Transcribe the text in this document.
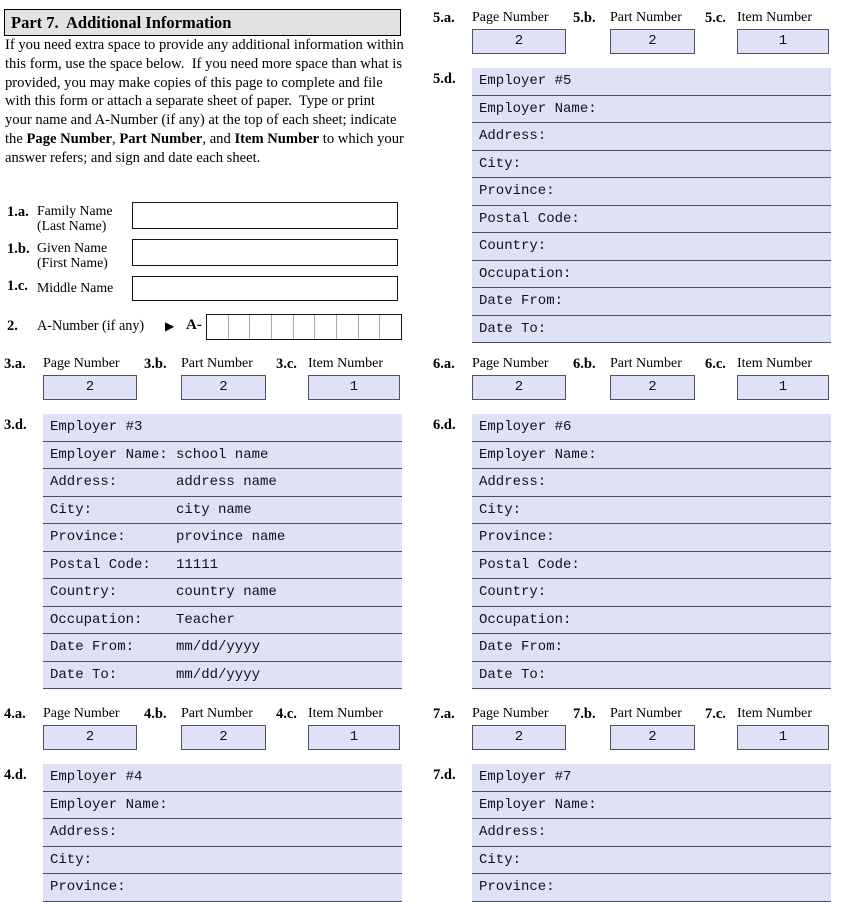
Part 7.  Additional Information

If you need extra space to provide any additional information within this form, use the space below.  If you need more space than what is provided, you may make copies of this page to complete and file with this form or attach a separate sheet of paper.  Type or print your name and A-Number (if any) at the top of each sheet; indicate the Page Number, Part Number, and Item Number to which your answer refers; and sign and date each sheet.

1.a. Family Name
(Last Name)
1.b. Given Name
(First Name)
1.c. Middle Name
2. A-Number (if any) ▶ A-
3.a. Page Number
2
3.b. Part Number
2
3.c. Item Number
1
3.d. Employer #3
Employer Name: school name
Address:	address name
City:	city name
Province:	province name
Postal Code:	11111
Country:	country name
Occupation:	Teacher
Date From:	mm/dd/yyyy
Date To:	mm/dd/yyyy
4.a. Page Number
2
4.b. Part Number
2
4.c. Item Number
1
4.d. Employer #4
Employer Name:
Address:
City:
Province:
5.a. Page Number
2
5.b. Part Number
2
5.c. Item Number
1
5.d. Employer #5
Employer Name:
Address:
City:
Province:
Postal Code:
Country:
Occupation:
Date From:
Date To:
6.a. Page Number
2
6.b. Part Number
2
6.c. Item Number
1
6.d. Employer #6
Employer Name:
Address:
City:
Province:
Postal Code:
Country:
Occupation:
Date From:
Date To:
7.a. Page Number
2
7.b. Part Number
2
7.c. Item Number
1
7.d. Employer #7
Employer Name:
Address:
City:
Province:
